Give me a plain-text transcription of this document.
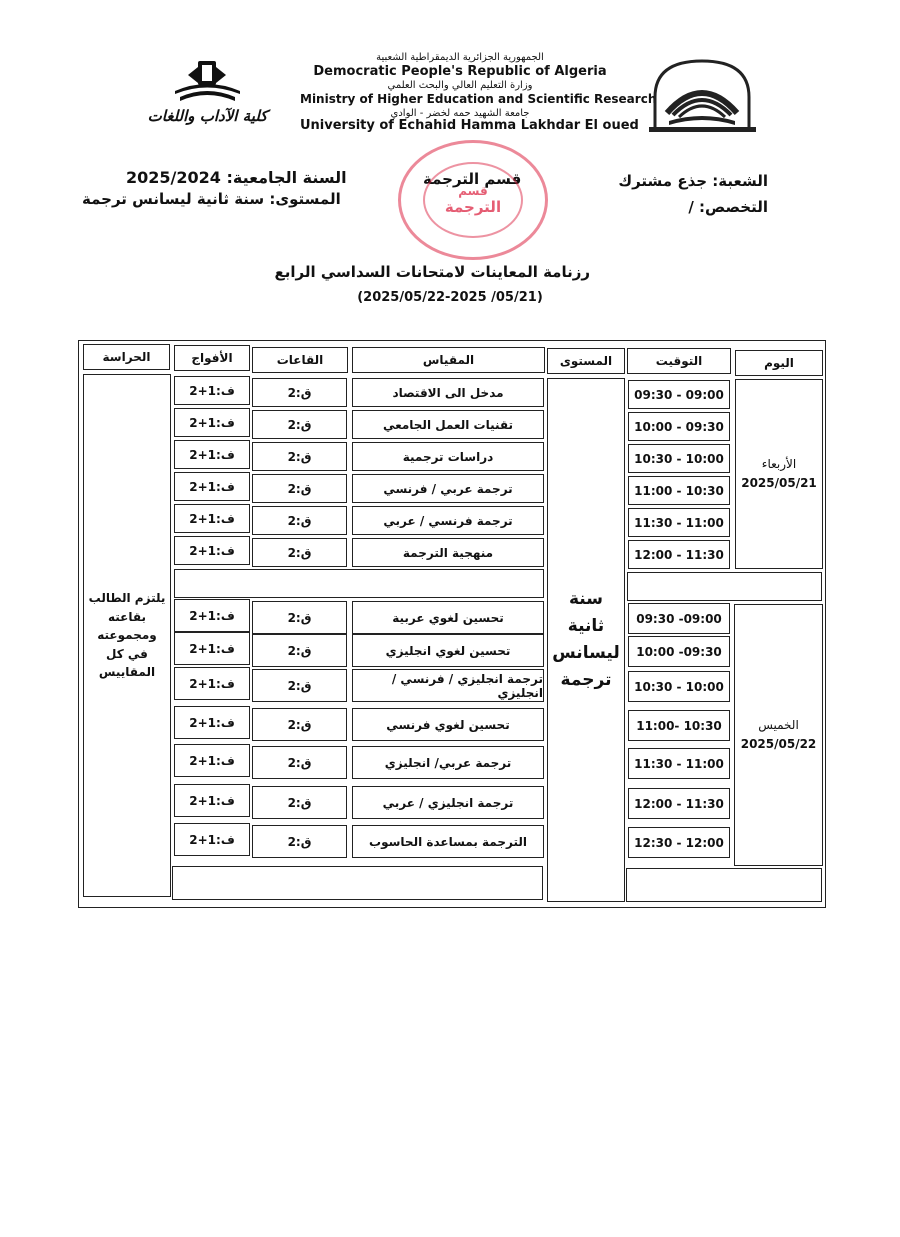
كلية الآداب واللغات
الجمهورية الجزائرية الديمقراطية الشعبية
Democratic People's Republic of Algeria
وزارة التعليم العالي والبحث العلمي
Ministry of Higher Education and Scientific Research
جامعة الشهيد حمه لخضر - الوادي
University of Echahid Hamma Lakhdar El oued
السنة الجامعية: 2025/2024
المستوى: سنة ثانية ليسانس ترجمة
قسم الترجمة	الشعبة: جذع مشترك
التخصص: /
قسم
الترجمة
رزنامة المعاينات لامتحانات السداسي الرابع
(2025/05/22-2025 /05/21)
اليوم
التوقيت
المستوى
المقياس
القاعات
الأفواج
الحراسة
يلتزم الطالب
بقاعته
ومجموعته
في كل
المقاييس
سنة
ثانية
ليسانس
ترجمة
الأربعاء
2025/05/21
الخميس
2025/05/22
09:30 - 09:00
مدخل الى الاقتصاد
ق:2
ف:1+2
10:00 - 09:30
تقنيات العمل الجامعي
ق:2
ف:1+2
10:30 - 10:00
دراسات ترجمية
ق:2
ف:1+2
11:00 - 10:30
ترجمة عربي / فرنسي
ق:2
ف:1+2
11:30 - 11:00
ترجمة فرنسي / عربي
ق:2
ف:1+2
12:00 - 11:30
منهجية الترجمة
ق:2
ف:1+2
09:30 -09:00
تحسين لغوي عربية
ق:2
ف:1+2
10:00 -09:30
تحسين لغوي انجليزي
ق:2
ف:1+2
10:30 - 10:00
ترجمة انجليزي / فرنسي / انجليزي
ق:2
ف:1+2
11:00- 10:30
تحسين لغوي فرنسي
ق:2
ف:1+2
11:30 - 11:00
ترجمة عربي/ انجليزي
ق:2
ف:1+2
12:00 - 11:30
ترجمة انجليزي / عربي
ق:2
ف:1+2
12:30 - 12:00
الترجمة بمساعدة الحاسوب
ق:2
ف:1+2
